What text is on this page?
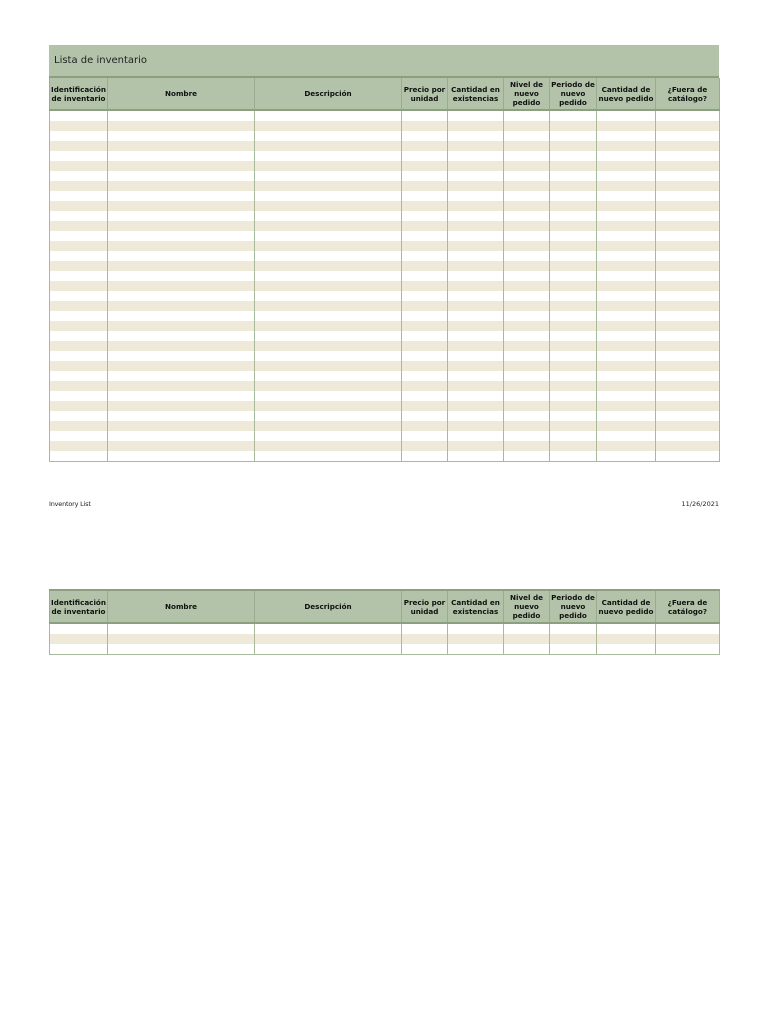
Lista de inventario
Identificación de inventario	Nombre	Descripción	Precio por unidad	Cantidad en existencias	Nivel de nuevo pedido	Periodo de nuevo pedido	Cantidad de nuevo pedido	¿Fuera de catálogo?

Inventory List	11/26/2021
Identificación de inventario	Nombre	Descripción	Precio por unidad	Cantidad en existencias	Nivel de nuevo pedido	Periodo de nuevo pedido	Cantidad de nuevo pedido	¿Fuera de catálogo?
